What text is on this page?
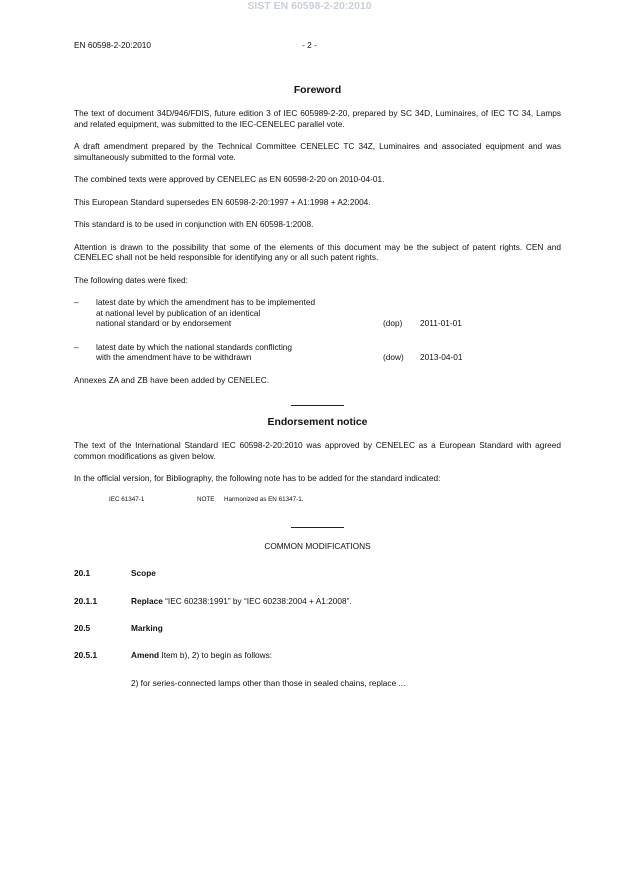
SIST EN 60598-2-20:2010
EN 60598-2-20:2010	- 2 -
Foreword

The text of document 34D/946/FDIS, future edition 3 of IEC 605989-2-20, prepared by SC 34D, Luminaires, of IEC TC 34, Lamps and related equipment, was submitted to the IEC-CENELEC parallel vote.

A draft amendment prepared by the Technical Committee CENELEC TC 34Z, Luminaires and associated equipment and was simultaneously submitted to the formal vote.

The combined texts were approved by CENELEC as EN 60598-2-20 on 2010-04-01.

This European Standard supersedes EN 60598-2-20:1997 + A1:1998 + A2:2004.

This standard is to be used in conjunction with EN 60598-1:2008.

Attention is drawn to the possibility that some of the elements of this document may be the subject of patent rights. CEN and CENELEC shall not be held responsible for identifying any or all such patent rights.

The following dates were fixed:

–	latest date by which the amendment has to be implemented
at national level by publication of an identical
national standard or by endorsement	(dop) 2011-01-01
–	latest date by which the national standards conflicting
with the amendment have to be withdrawn	(dow) 2013-04-01

Annexes ZA and ZB have been added by CENELEC.

Endorsement notice

The text of the International Standard IEC 60598-2-20:2010 was approved by CENELEC as a European Standard with agreed common modifications as given below.

In the official version, for Bibliography, the following note has to be added for the standard indicated:

IEC 61347-1	NOTE Harmonized as EN 61347-1.
COMMON MODIFICATIONS
20.1	Scope
20.1.1	Replace “IEC 60238:1991” by “IEC 60238:2004 + A1:2008”.
20.5	Marking
20.5.1	Amend Item b), 2) to begin as follows:
2) for series-connected lamps other than those in sealed chains, replace ...
